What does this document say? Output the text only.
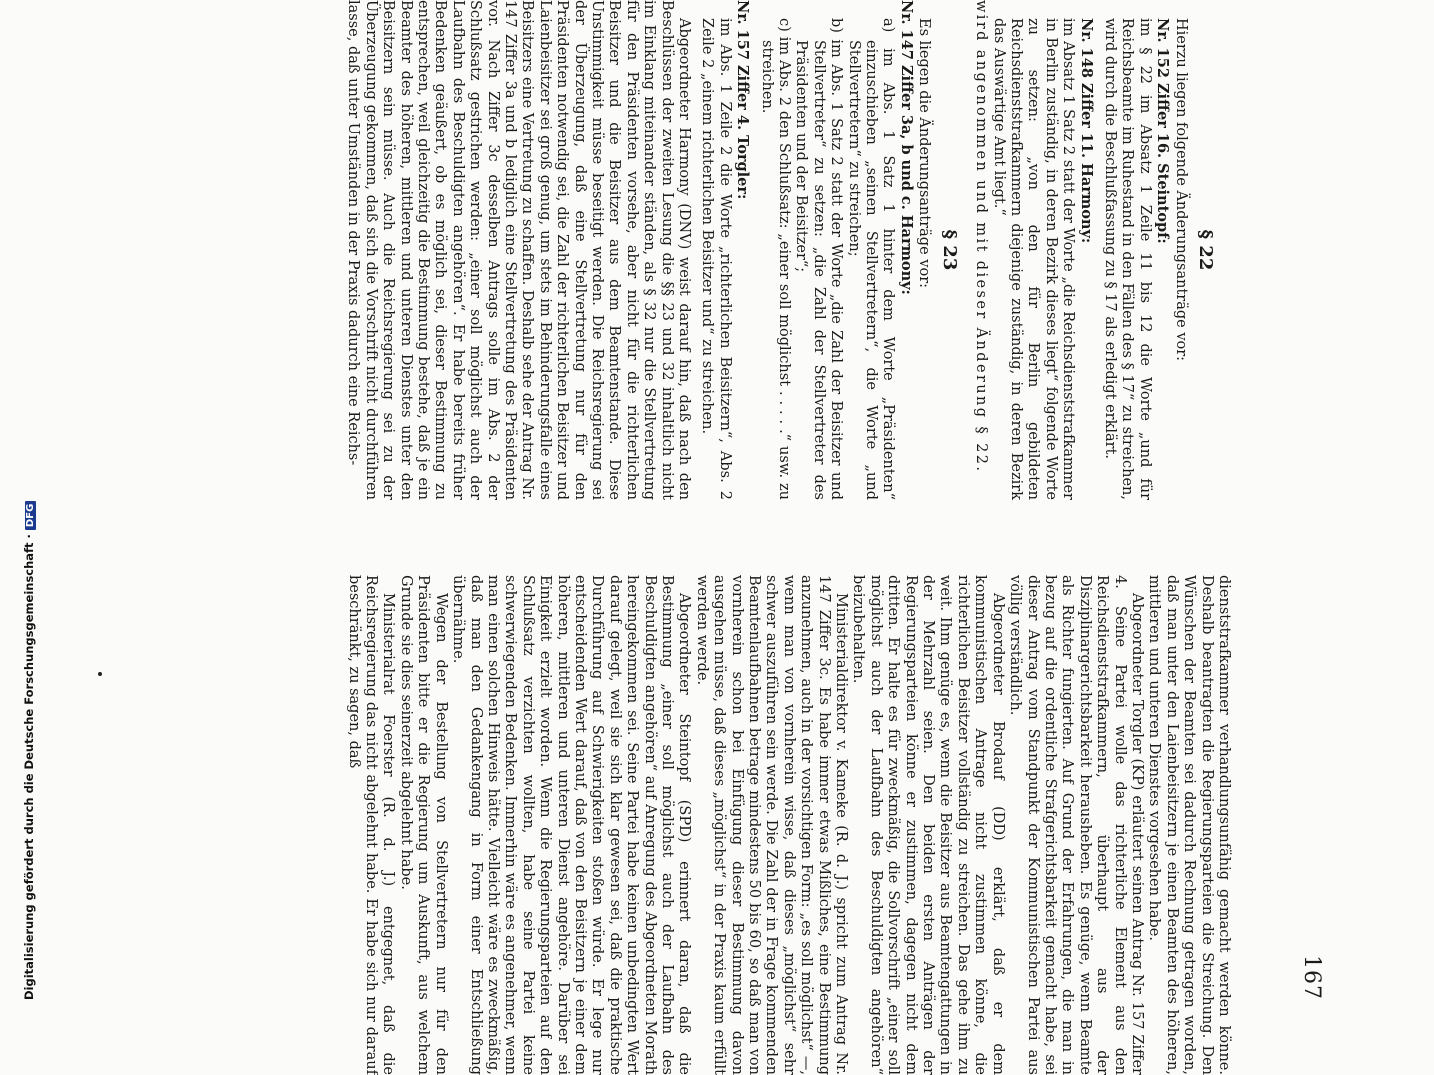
Digitalisierung gefördert durch die Deutsche Forschungsgemeinschaft ·DFG
167

dienststrafkammer verhandlungsunfähig gemacht werden könne. Deshalb beantragten die Regierungsparteien die Streichung. Den Wünschen der Beamten sei dadurch Rechnung getragen worden, daß man unter den Laienbeisitzern je einen Beamten des höheren, mittleren und unteren Dienstes vorgesehen habe.

Abgeordneter Torgler (KP) erläutert seinen Antrag Nr. 157 Ziffer 4. Seine Partei wolle das richterliche Element aus den Reichsdienststrafkammern, überhaupt aus der Disziplinargerichtsbarkeit herausheben. Es genüge, wenn Beamte als Richter fungierten. Auf Grund der Erfahrungen, die man in bezug auf die ordentliche Strafgerichtsbarkeit gemacht habe, sei dieser Antrag vom Standpunkt der Kommunistischen Partei aus völlig verständlich.

Abgeordneter Brodauf (DD) erklärt, daß er dem kommunistischen Antrage nicht zustimmen könne, die richterlichen Beisitzer vollständig zu streichen. Das gehe ihm zu weit. Ihm genüge es, wenn die Beisitzer aus Beamtengattungen in der Mehrzahl seien. Den beiden ersten Anträgen der Regierungsparteien könne er zustimmen, dagegen nicht dem dritten. Er halte es für zweckmäßig, die Sollvorschrift „einer soll möglichst auch der Laufbahn des Beschuldigten angehören“ beizubehalten.

Ministerialdirektor v. Kameke (R. d. J.) spricht zum Antrag Nr. 147 Ziffer 3c. Es habe immer etwas Mißliches, eine Bestimmung anzunehmen, auch in der vorsichtigen Form: „es soll möglichst“ —, wenn man von vornherein wisse, daß dieses „möglichst“ sehr schwer auszuführen sein werde. Die Zahl der in Frage kommenden Beamtenlaufbahnen betrage mindestens 50 bis 60, so daß man von vornherein schon bei Einfügung dieser Bestimmung davon ausgehen müsse, daß dieses „möglichst“ in der Praxis kaum erfüllt werden werde.

Abgeordneter Steintopf (SPD) erinnert daran, daß die Bestimmung „einer soll möglichst auch der Laufbahn des Beschuldigten angehören“ auf Anregung des Abgeordneten Morath hereingekommen sei. Seine Partei habe keinen unbedingten Wert darauf gelegt, weil sie sich klar gewesen sei, daß die praktische Durchführung auf Schwierigkeiten stoßen würde. Er lege nur entscheidenden Wert darauf, daß von den Beisitzern je einer dem höheren, mittleren und unteren Dienst angehöre. Darüber sei Einigkeit erzielt worden. Wenn die Regierungsparteien auf den Schlußsatz verzichten wollten, habe seine Partei keine schwerwiegenden Bedenken. Immerhin wäre es angenehmer, wenn man einen solchen Hinweis hätte. Vielleicht wäre es zweckmäßig, daß man den Gedankengang in Form einer Entschließung übernähme.

Wegen der Bestellung von Stellvertretern nur für den Präsidenten bitte er die Regierung um Auskunft, aus welchem Grunde sie dies seinerzeit abgelehnt habe.

Ministerialrat Foerster (R. d. J.) entgegnet, daß die Reichsregierung das nicht abgelehnt habe. Er habe sich nur darauf beschränkt, zu sagen, daß

§ 22

Hierzu liegen folgende Änderungsanträge vor:

Nr. 152 Ziffer 16. Steintopf:

im § 22 im Absatz 1 Zeile 11 bis 12 die Worte „und für Reichsbeamte im Ruhestand in den Fällen des § 17“ zu streichen, wird durch die Beschlußfassung zu § 17 als erledigt erklärt.

Nr. 148 Ziffer 11. Harmony:

im Absatz 1 Satz 2 statt der Worte „die Reichsdienststrafkammer in Berlin zuständig, in deren Bezirk dieses liegt“ folgende Worte zu setzen: „von den für Berlin gebildeten Reichsdienststrafkammern diejenige zuständig, in deren Bezirk das Auswärtige Amt liegt.“

wird angenommen und mit dieser Änderung § 22.

§ 23

Es liegen die Änderungsanträge vor:

Nr. 147 Ziffer 3a, b und c. Harmony:

a) im Abs. 1 Satz 1 hinter dem Worte „Präsidenten“ einzuschieben „seinen Stellvertretern“, die Worte „und Stellvertretern“ zu streichen;

b) im Abs. 1 Satz 2 statt der Worte „die Zahl der Beisitzer und Stellvertreter“ zu setzen: „die Zahl der Stellvertreter des Präsidenten und der Beisitzer“;

c) im Abs. 2 den Schlußsatz: „einer soll möglichst . . . . .“ usw. zu streichen.

Nr. 157 Ziffer 4. Torgler:

im Abs. 1 Zeile 2 die Worte „richterlichen Beisitzern“, Abs. 2 Zeile 2 „einem richterlichen Beisitzer und“ zu streichen.

Abgeordneter Harmony (DNV) weist darauf hin, daß nach den Beschlüssen der zweiten Lesung die §§ 23 und 32 inhaltlich nicht im Einklang miteinander ständen, als § 32 nur die Stellvertretung für den Präsidenten vorsehe, aber nicht für die richterlichen Beisitzer und die Beisitzer aus dem Beamtenstande. Diese Unstimmigkeit müsse beseitigt werden. Die Reichsregierung sei der Überzeugung, daß eine Stellvertretung nur für den Präsidenten notwendig sei, die Zahl der richterlichen Beisitzer und Laienbeisitzer sei groß genug, um stets im Behinderungsfalle eines Beisitzers eine Vertretung zu schaffen. Deshalb sehe der Antrag Nr. 147 Ziffer 3a und b lediglich eine Stellvertretung des Präsidenten vor. Nach Ziffer 3c desselben Antrags solle im Abs. 2 der Schlußsatz gestrichen werden: „einer soll möglichst auch der Laufbahn des Beschuldigten angehören“. Er habe bereits früher Bedenken geäußert, ob es möglich sei, dieser Bestimmung zu entsprechen, weil gleichzeitig die Bestimmung bestehe, daß je ein Beamter des höheren, mittleren und unteren Dienstes unter den Beisitzern sein müsse. Auch die Reichsregierung sei zu der Überzeugung gekommen, daß sich die Vorschrift nicht durchführen lasse, daß unter Umständen in der Praxis dadurch eine Reichs-
